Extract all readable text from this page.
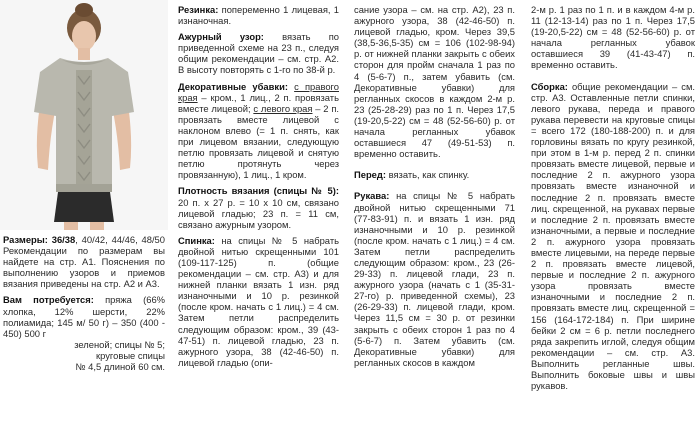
Размеры: 36/38, 40/42, 44/46, 48/50 Рекомендации по размерам вы найдете на стр. А1. Пояснения по выполнению узоров и приемов вязания приведены на стр. А2 и А3.

Вам потребуется: пряжа (66% хлопка, 12% шерсти, 22% полиамида; 145 м/ 50 г) – 350 (400 - 450) 500 г
зеленой; спицы № 5;
круговые спицы
№ 4,5 длиной 60 см.

Резинка: попеременно 1 лицевая, 1 изнаночная.

Ажурный узор: вязать по приведенной схеме на 23 п., следуя общим рекомендации – см. стр. А2. В высоту повторять с 1-го по 38-й р.

Декоративные убавки: с правого края – кром., 1 лиц., 2 п. провязать вместе лицевой; с левого края – 2 п. провязать вместе лицевой с наклоном влево (= 1 п. снять, как при лицевом вязании, следующую петлю провязать лицевой и снятую петлю протянуть через провязанную), 1 лиц., 1 кром.

Плотность вязания (спицы № 5): 20 п. х 27 р. = 10 х 10 см, связано лицевой гладью; 23 п. = 11 см, связано ажурным узором.

Спинка: на спицы № 5 набрать двойной нитью скрещенными 101 (109-117-125) п. (общие рекомендации – см. стр. А3) и для нижней планки вязать 1 изн. ряд изнаночными и 10 р. резинкой (после кром. начать с 1 лиц.) = 4 см. Затем петли распределить следующим образом: кром., 39 (43-47-51) п. лицевой гладью, 23 п. ажурного узора, 38 (42-46-50) п. лицевой гладью (опи-

сание узора – см. на стр. А2), 23 п. ажурного узора, 38 (42-46-50) п. лицевой гладью, кром. Через 39,5 (38,5-36,5-35) см = 106 (102-98-94) р. от нижней планки закрыть с обеих сторон для пройм сначала 1 раз по 4 (5-6-7) п., затем убавить (см. Декоративные убавки) для регланных скосов в каждом 2-м р. 23 (25-28-29) раз по 1 п. Через 17,5 (19-20,5-22) см = 48 (52-56-60) р. от начала регланных убавок оставшиеся 47 (49-51-53) п. временно оставить.

Перед: вязать, как спинку.

Рукава: на спицы № 5 набрать двойной нитью скрещенными 71 (77-83-91) п. и вязать 1 изн. ряд изнаночными и 10 р. резинкой (после кром. начать с 1 лиц.) = 4 см. Затем петли распределить следующим образом: кром., 23 (26-29-33) п. лицевой глади, 23 п. ажурного узора (начать с 1 (35-31-27-го) р. приведенной схемы), 23 (26-29-33) п. лицевой глади, кром. Через 11,5 см = 30 р. от резинки закрыть с обеих сторон 1 раз по 4 (5-6-7) п. Затем убавить (см. Декоративные убавки) для регланных скосов в каждом

2-м р. 1 раз по 1 п. и в каждом 4-м р. 11 (12-13-14) раз по 1 п. Через 17,5 (19-20,5-22) см = 48 (52-56-60) р. от начала регланных убавок оставшиеся 39 (41-43-47) п. временно оставить.

Сборка: общие рекомендации – см. стр. А3. Оставленные петли спинки, левого рукава, переда и правого рукава перевести на круговые спицы = всего 172 (180-188-200) п. и для горловины вязать по кругу резинкой, при этом в 1-м р. перед 2 п. спинки провязать вместе лицевой, первые и последние 2 п. ажурного узора провязать вместе изнаночной и последние 2 п. провязать вместе лиц. скрещенной, на рукавах первые и последние 2 п. провязать вместе изнаночными, а первые и последние 2 п. ажурного узора провязать вместе лицевыми, на переде первые 2 п. провязать вместе лицевой, первые и последние 2 п. ажурного узора провязать вместе изнаночными и последние 2 п. провязать вместе лиц. скрещенной = 156 (164-172-184) п. При ширине бейки 2 см = 6 р. петли последнего ряда закрепить иглой, следуя общим рекомендации – см. стр. А3. Выполнить регланные швы. Выполнить боковые швы и швы рукавов.
